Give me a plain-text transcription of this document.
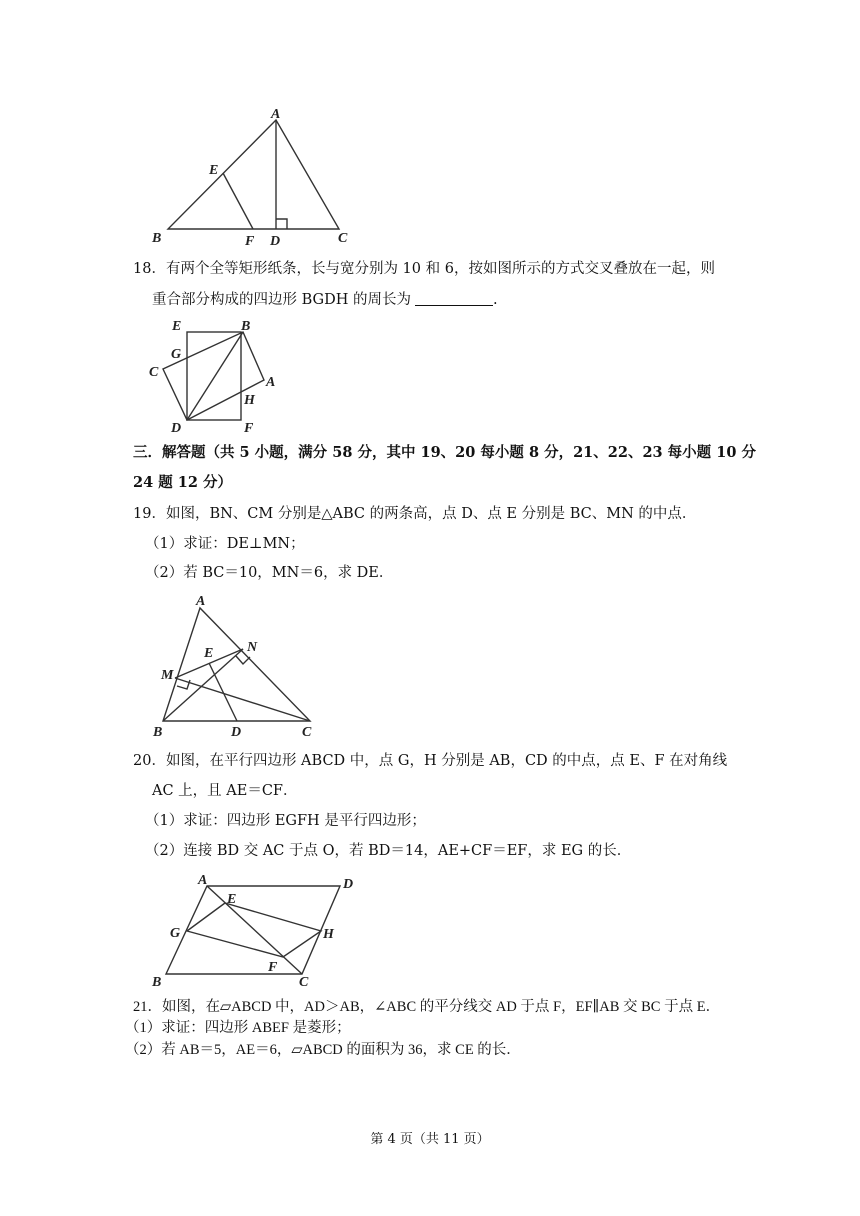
A
E
B	F D	C
18．有两个全等矩形纸条，长与宽分别为 10 和 6，按如图所示的方式交叉叠放在一起，则
重合部分构成的四边形 BGDH 的周长为	.
E	B
G
C
A
H
D	F
三．解答题（共 5 小题，满分 58 分，其中 19、20 每小题 8 分，21、22、23 每小题 10 分
24 题 12 分）
19．如图，BN、CM 分别是△ABC 的两条高，点 D、点 E 分别是 BC、MN 的中点．
（1）求证：DE⊥MN；
（2）若 BC＝10，MN＝6，求 DE．
A
N
E
M
B	D	C
20．如图，在平行四边形 ABCD 中，点 G，H 分别是 AB，CD 的中点，点 E、F 在对角线
AC 上，且 AE＝CF．
（1）求证：四边形 EGFH 是平行四边形；
（2）连接 BD 交 AC 于点 O，若 BD＝14，AE+CF＝EF，求 EG 的长．
A
E
D
G	H
F
B	C
21．如图，在▱ABCD 中，AD＞AB，∠ABC 的平分线交 AD 于点 F，EF∥AB 交 BC 于点 E．
（1）求证：四边形 ABEF 是菱形；
（2）若 AB＝5，AE＝6，▱ABCD 的面积为 36，求 CE 的长．
第 4 页（共 11 页）
